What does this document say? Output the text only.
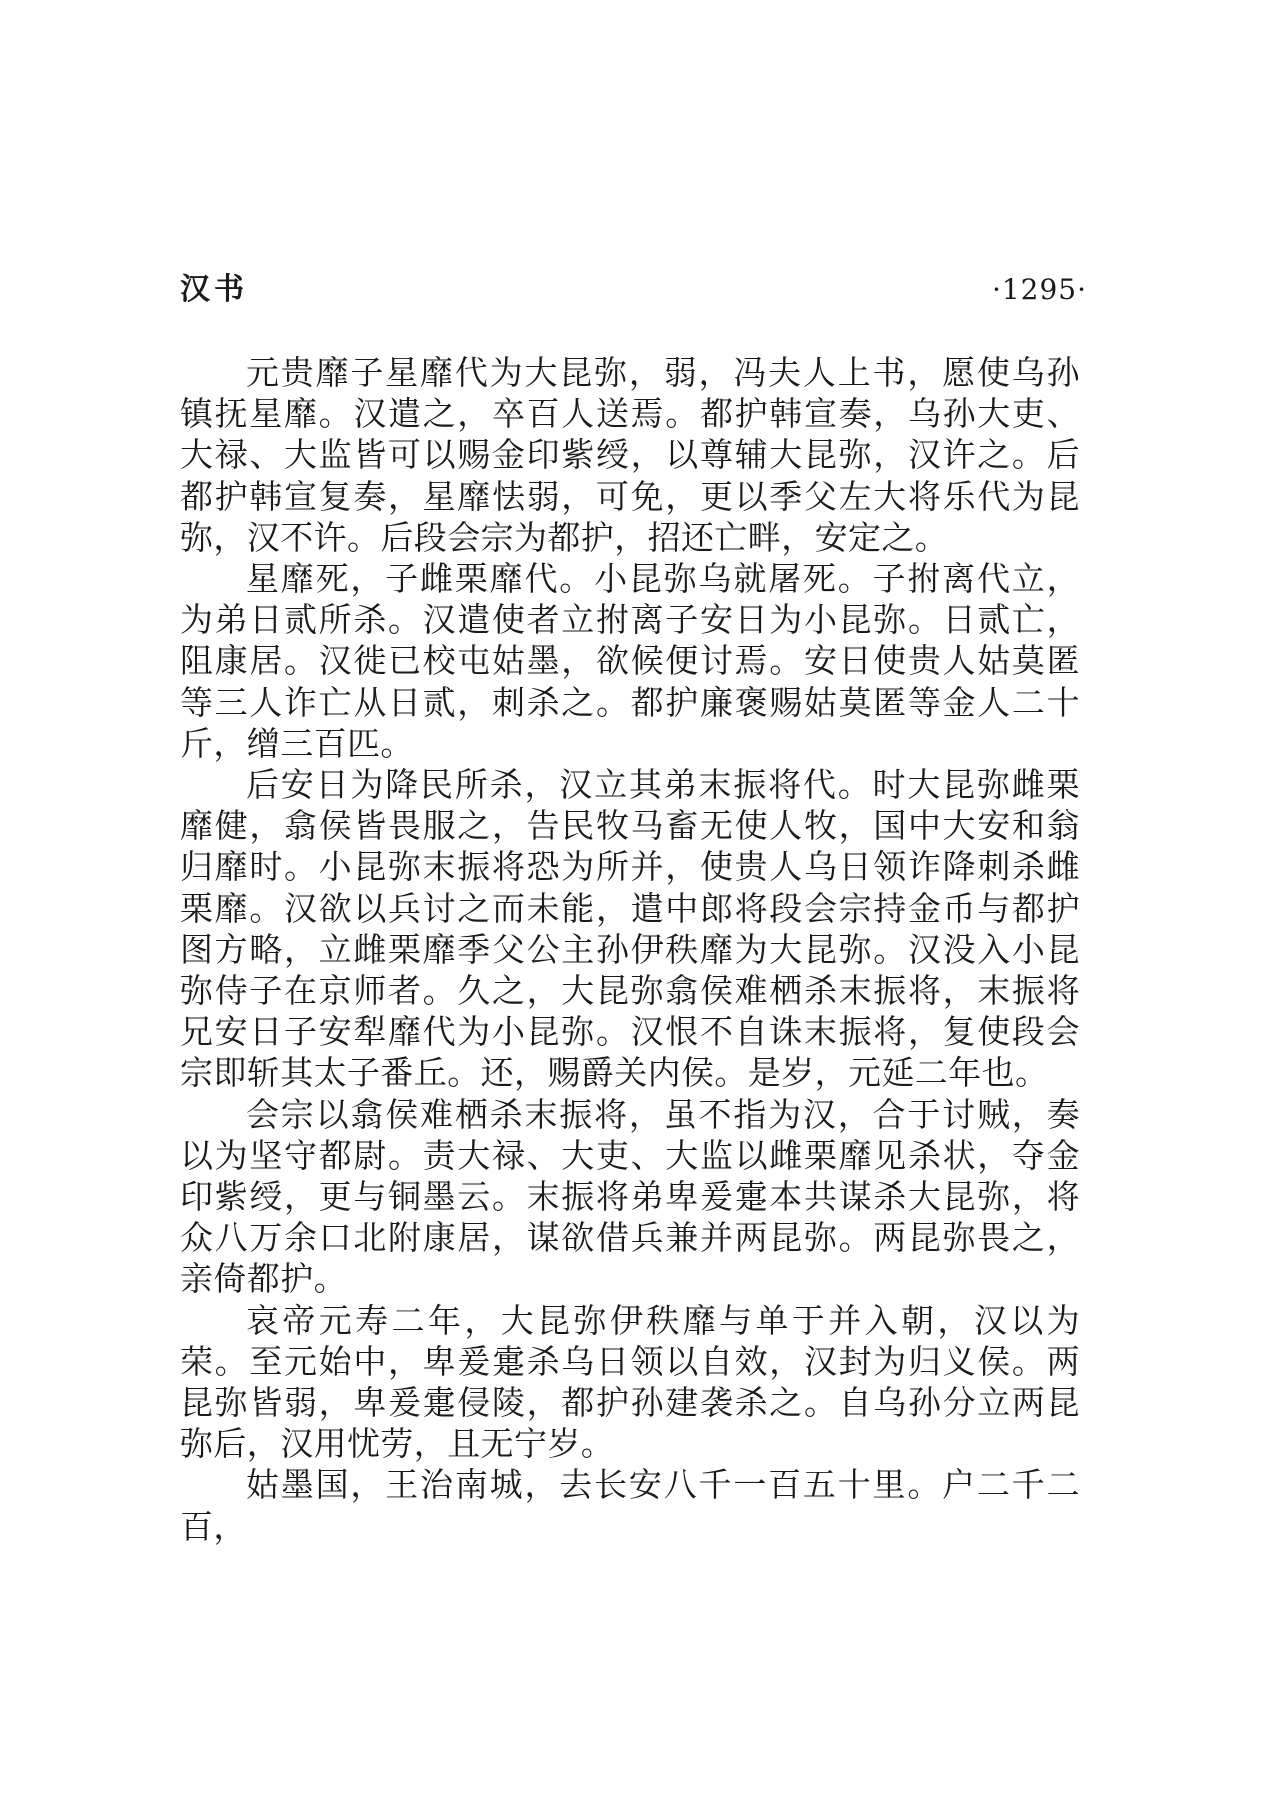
汉书	·1295·

元贵靡子星靡代为大昆弥，弱，冯夫人上书，愿使乌孙镇抚星靡。汉遣之，卒百人送焉。都护韩宣奏，乌孙大吏、大禄、大监皆可以赐金印紫绶，以尊辅大昆弥，汉许之。后都护韩宣复奏，星靡怯弱，可免，更以季父左大将乐代为昆弥，汉不许。后段会宗为都护，招还亡畔，安定之。

星靡死，子雌栗靡代。小昆弥乌就屠死。子拊离代立，为弟日贰所杀。汉遣使者立拊离子安日为小昆弥。日贰亡，阻康居。汉徙已校屯姑墨，欲候便讨焉。安日使贵人姑莫匿等三人诈亡从日贰，刺杀之。都护廉褒赐姑莫匿等金人二十斤，缯三百匹。

后安日为降民所杀，汉立其弟末振将代。时大昆弥雌栗靡健，翕侯皆畏服之，告民牧马畜无使人牧，国中大安和翁归靡时。小昆弥末振将恐为所并，使贵人乌日领诈降刺杀雌栗靡。汉欲以兵讨之而未能，遣中郎将段会宗持金币与都护图方略，立雌栗靡季父公主孙伊秩靡为大昆弥。汉没入小昆弥侍子在京师者。久之，大昆弥翕侯难栖杀末振将，末振将兄安日子安犁靡代为小昆弥。汉恨不自诛末振将，复使段会宗即斩其太子番丘。还，赐爵关内侯。是岁，元延二年也。

会宗以翕侯难栖杀末振将，虽不指为汉，合于讨贼，奏以为坚守都尉。责大禄、大吏、大监以雌栗靡见杀状，夺金印紫绶，更与铜墨云。末振将弟卑爰疐本共谋杀大昆弥，将众八万余口北附康居，谋欲借兵兼并两昆弥。两昆弥畏之，亲倚都护。

哀帝元寿二年，大昆弥伊秩靡与单于并入朝，汉以为荣。至元始中，卑爰疐杀乌日领以自效，汉封为归义侯。两昆弥皆弱，卑爰疐侵陵，都护孙建袭杀之。自乌孙分立两昆弥后，汉用忧劳，且无宁岁。

姑墨国，王治南城，去长安八千一百五十里。户二千二百，
